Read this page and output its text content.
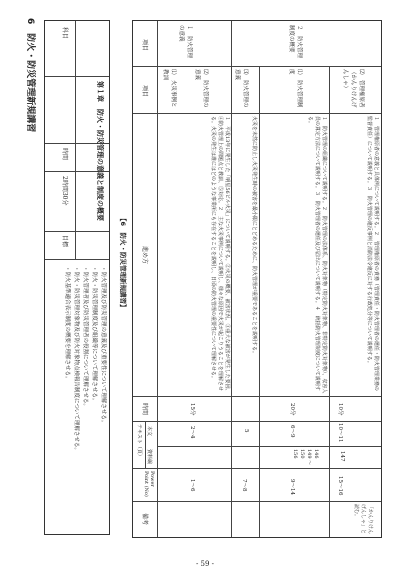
6　防火・防災管理新規講習	科目
第１章　防火・防災管理の意義と制度の概要
時間
2時間30分
目標
・防火管理及び防災管理の意義及び重要性について理解させる。
・防火・防災管理制度及び組織等について理解させる。
・防火管理者及び防災管理者の役割について理解させる。
・防火・防災管理対象物及び防火対象物点検報告制度について理解させる。
・防火基準適合表示制度の概要を理解させる。
【6　防火・防災管理新規講習】
項目
項目
進め方
時間
テキスト（頁） 本文
資料編
Power Point (No)
備考
１　防火管理の意義
⑴　火災事例と教訓	⑵　防火管理の意義
１　平成13年に発生した「明星56ビル火災」について説明する。②火災の概要、被害状況、③重大な被害が発生した要因、④防火管理上の問題点と教訓、⑤対応。２　主な火災事例について説明し、様々な原因で火災が起こりうることを理解させる。火災の発生は誰にはどのような事業所にも存在することを説明し、日頃の防火管理の重要性について理解させる。
15分
2〜4
1〜6
⑶　防火管理の意義
火災を未然に防止し火災発生時の被害を最小限にとどめるために、防火管理が重要であることを説明する。
5
7〜8
２　防火管理制度の概要
⑴　防火管理制度
１　防火管理の組織について説明する。２　防火管理の法体系、防火対象物（特定防火対象物、非特定防火対象物）、収容人員の算定方法について説明する。３　防火管理者の選任及び届出について説明する。４　統括防火管理制度について説明する。
20分
6〜9
146 149 〜150 156
9〜14
⑵　管理権原者（かんりけんげんしゃ）
１　管理権原者の意義と具体例について説明する。２　管理権原者の責務（管理責任・防火管理者の選任・防火管理業務の監督責任）について説明する。３　防火管理の違反事例と消防法令違反に対する行政処分等について説明する。
10分
10〜11
147
15〜16
「かんりけんげんしゃ」と読む。
- 59 -
